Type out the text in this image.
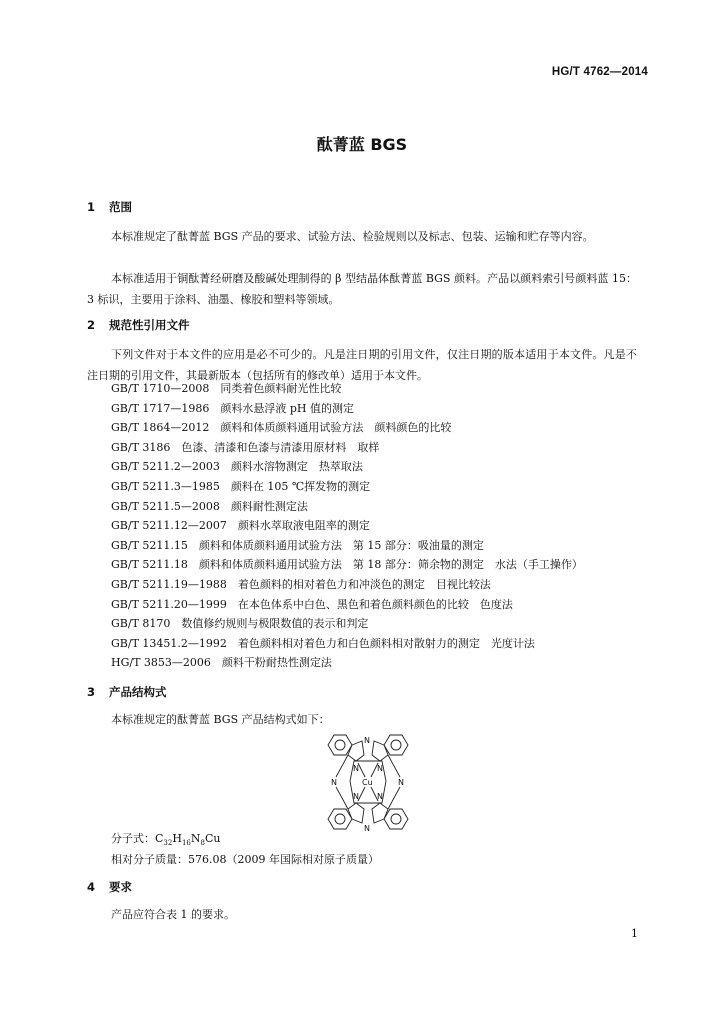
HG/T 4762—2014
酞菁蓝 BGS
1 范围
本标准规定了酞菁蓝 BGS 产品的要求、试验方法、检验规则以及标志、包装、运输和贮存等内容。
本标准适用于铜酞菁经研磨及酸碱处理制得的 β 型结晶体酞菁蓝 BGS 颜料。产品以颜料索引号颜料蓝 15：3 标识，主要用于涂料、油墨、橡胶和塑料等领域。
2 规范性引用文件
下列文件对于本文件的应用是必不可少的。凡是注日期的引用文件，仅注日期的版本适用于本文件。凡是不注日期的引用文件，其最新版本（包括所有的修改单）适用于本文件。
GB/T 1710—2008　同类着色颜料耐光性比较
GB/T 1717—1986　颜料水悬浮液 pH 值的测定
GB/T 1864—2012　颜料和体质颜料通用试验方法　颜料颜色的比较
GB/T 3186　色漆、清漆和色漆与清漆用原材料　取样
GB/T 5211.2—2003　颜料水溶物测定　热萃取法
GB/T 5211.3—1985　颜料在 105 ℃挥发物的测定
GB/T 5211.5—2008　颜料耐性测定法
GB/T 5211.12—2007　颜料水萃取液电阻率的测定
GB/T 5211.15　颜料和体质颜料通用试验方法　第 15 部分：吸油量的测定
GB/T 5211.18　颜料和体质颜料通用试验方法　第 18 部分：筛余物的测定　水法（手工操作）
GB/T 5211.19—1988　着色颜料的相对着色力和冲淡色的测定　目视比较法
GB/T 5211.20—1999　在本色体系中白色、黑色和着色颜料颜色的比较　色度法
GB/T 8170　数值修约规则与极限数值的表示和判定
GB/T 13451.2—1992　着色颜料相对着色力和白色颜料相对散射力的测定　光度计法
HG/T 3853—2006　颜料干粉耐热性测定法
3 产品结构式
本标准规定的酞菁蓝 BGS 产品结构式如下：
N
N	N
N
N N
N N
Cu
分子式：$C_{32}H_{16}N_8Cu$
相对分子质量：576.08（2009 年国际相对原子质量）
4 要求
产品应符合表 1 的要求。
1
